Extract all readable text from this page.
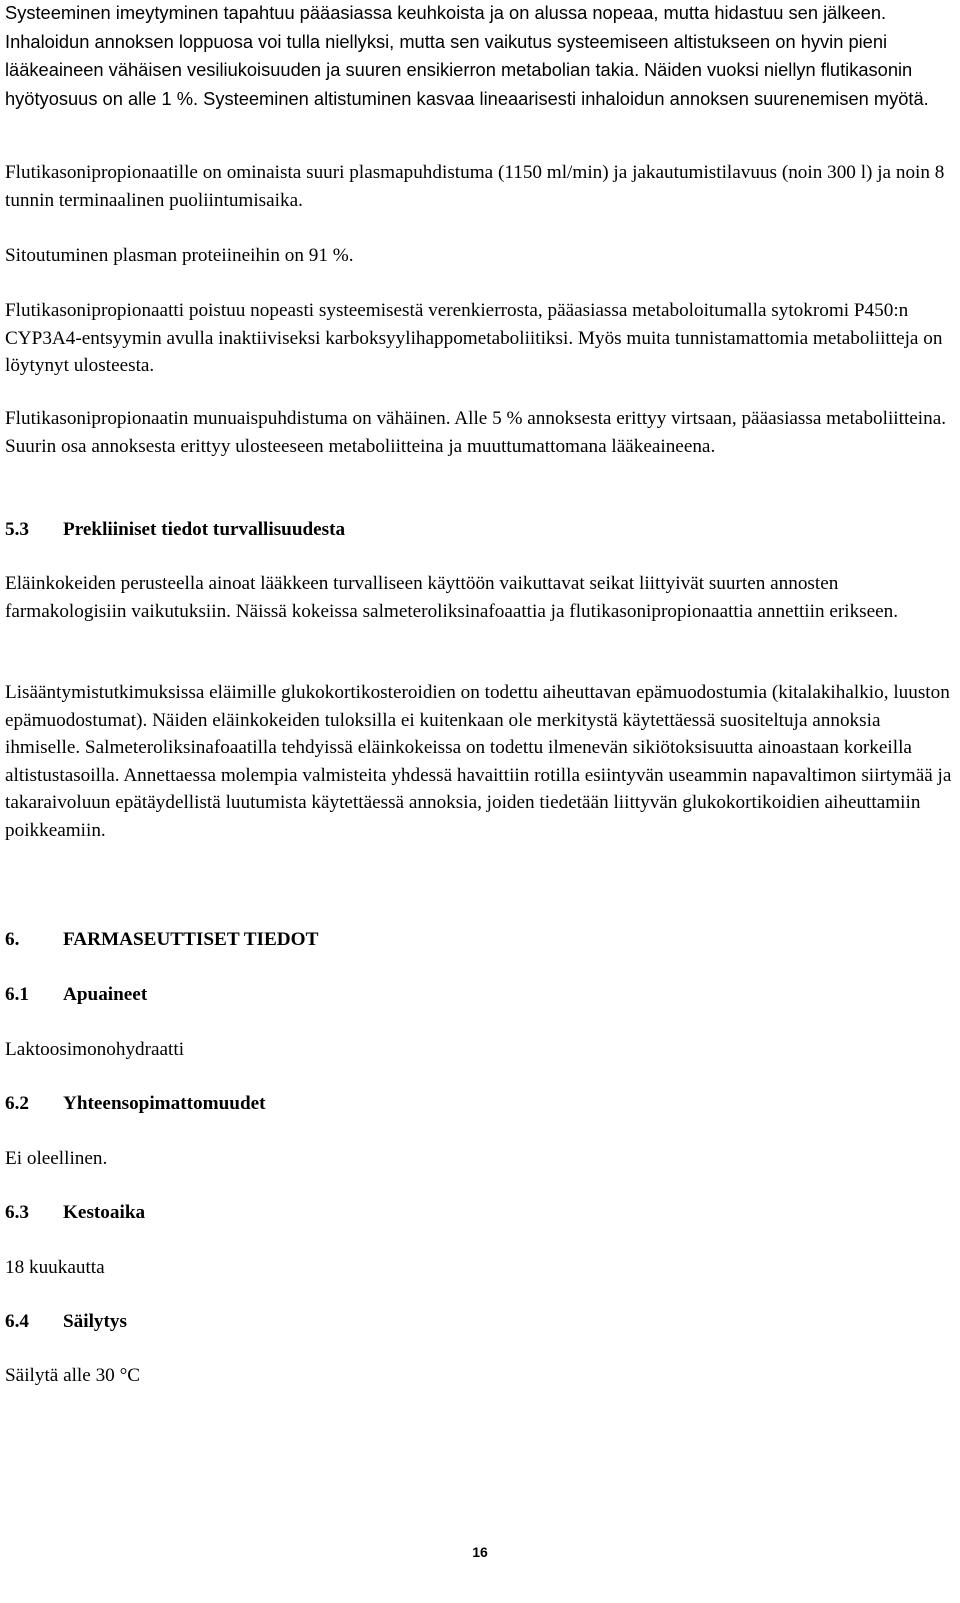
Systeeminen imeytyminen tapahtuu pääasiassa keuhkoista ja on alussa nopeaa, mutta hidastuu sen jälkeen. Inhaloidun annoksen loppuosa voi tulla niellyksi, mutta sen vaikutus systeemiseen altistukseen on hyvin pieni lääkeaineen vähäisen vesiliukoisuuden ja suuren ensikierron metabolian takia. Näiden vuoksi niellyn flutikasonin hyötyosuus on alle 1 %. Systeeminen altistuminen kasvaa lineaarisesti inhaloidun annoksen suurenemisen myötä.

Flutikasonipropionaatille on ominaista suuri plasmapuhdistuma (1150 ml/min) ja jakautumistilavuus (noin 300 l) ja noin 8 tunnin terminaalinen puoliintumisaika.

Sitoutuminen plasman proteiineihin on 91 %.

Flutikasonipropionaatti poistuu nopeasti systeemisestä verenkierrosta, pääasiassa metaboloitumalla sytokromi P450:n CYP3A4-entsyymin avulla inaktiiviseksi karboksyylihappometaboliitiksi. Myös muita tunnistamattomia metaboliitteja on löytynyt ulosteesta.

Flutikasonipropionaatin munuaispuhdistuma on vähäinen. Alle 5 % annoksesta erittyy virtsaan, pääasiassa metaboliitteina. Suurin osa annoksesta erittyy ulosteeseen metaboliitteina ja muuttumattomana lääkeaineena.

5.3 Prekliiniset tiedot turvallisuudesta

Eläinkokeiden perusteella ainoat lääkkeen turvalliseen käyttöön vaikuttavat seikat liittyivät suurten annosten farmakologisiin vaikutuksiin. Näissä kokeissa salmeteroliksinafoaattia ja flutikasonipropionaattia annettiin erikseen.

Lisääntymistutkimuksissa eläimille glukokortikosteroidien on todettu aiheuttavan epämuodostumia (kitalakihalkio, luuston epämuodostumat). Näiden eläinkokeiden tuloksilla ei kuitenkaan ole merkitystä käytettäessä suositeltuja annoksia ihmiselle. Salmeteroliksinafoaatilla tehdyissä eläinkokeissa on todettu ilmenevän sikiötoksisuutta ainoastaan korkeilla altistustasoilla. Annettaessa molempia valmisteita yhdessä havaittiin rotilla esiintyvän useammin napavaltimon siirtymää ja takaraivoluun epätäydellistä luutumista käytettäessä annoksia, joiden tiedetään liittyvän glukokortikoidien aiheuttamiin poikkeamiin.

6. FARMASEUTTISET TIEDOT

6.1 Apuaineet

Laktoosimonohydraatti

6.2 Yhteensopimattomuudet

Ei oleellinen.

6.3 Kestoaika

18 kuukautta

6.4 Säilytys

Säilytä alle 30 °C

16
